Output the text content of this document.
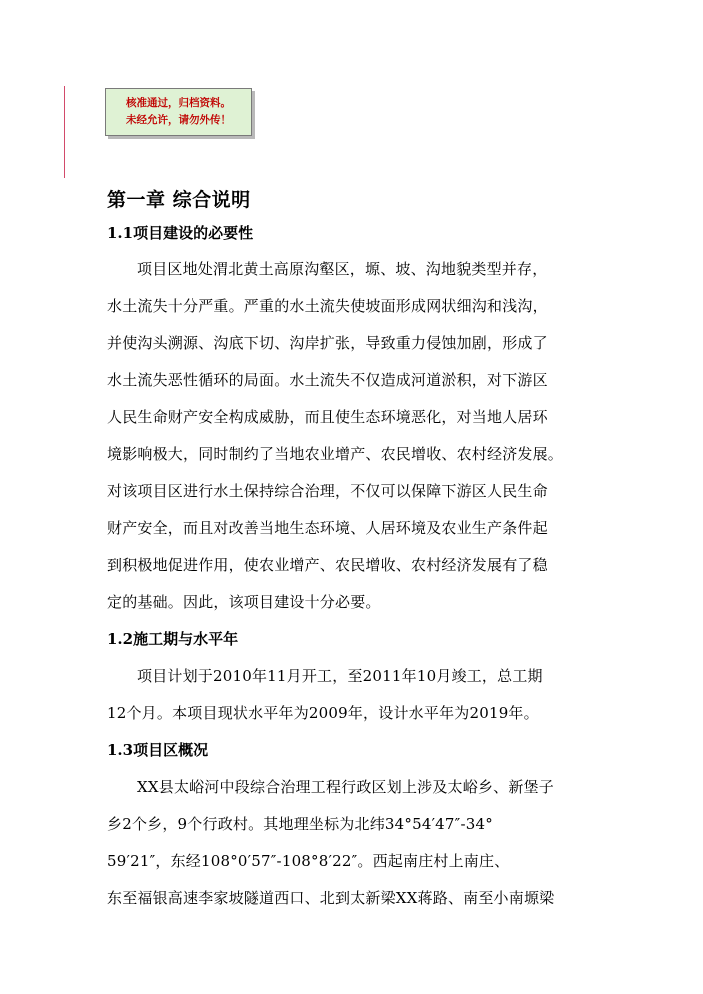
核准通过，归档资料。
未经允许，请勿外传！
第一章 综合说明
1.1项目建设的必要性
项目区地处渭北黄土高原沟壑区，塬、坡、沟地貌类型并存，
水土流失十分严重。严重的水土流失使坡面形成网状细沟和浅沟，
并使沟头溯源、沟底下切、沟岸扩张，导致重力侵蚀加剧，形成了
水土流失恶性循环的局面。水土流失不仅造成河道淤积，对下游区
人民生命财产安全构成威胁，而且使生态环境恶化，对当地人居环
境影响极大，同时制约了当地农业增产、农民增收、农村经济发展。
对该项目区进行水土保持综合治理，不仅可以保障下游区人民生命
财产安全，而且对改善当地生态环境、人居环境及农业生产条件起
到积极地促进作用，使农业增产、农民增收、农村经济发展有了稳
定的基础。因此，该项目建设十分必要。
1.2施工期与水平年
项目计划于2010年11月开工，至2011年10月竣工，总工期
12个月。本项目现状水平年为2009年，设计水平年为2019年。
1.3项目区概况
XX县太峪河中段综合治理工程行政区划上涉及太峪乡、新堡子
乡2个乡，9个行政村。其地理坐标为北纬34°54′47″-34°
59′21″，东经108°0′57″-108°8′22″。西起南庄村上南庄、
东至福银高速李家坡隧道西口、北到太新梁XX蒋路、南至小南塬梁
